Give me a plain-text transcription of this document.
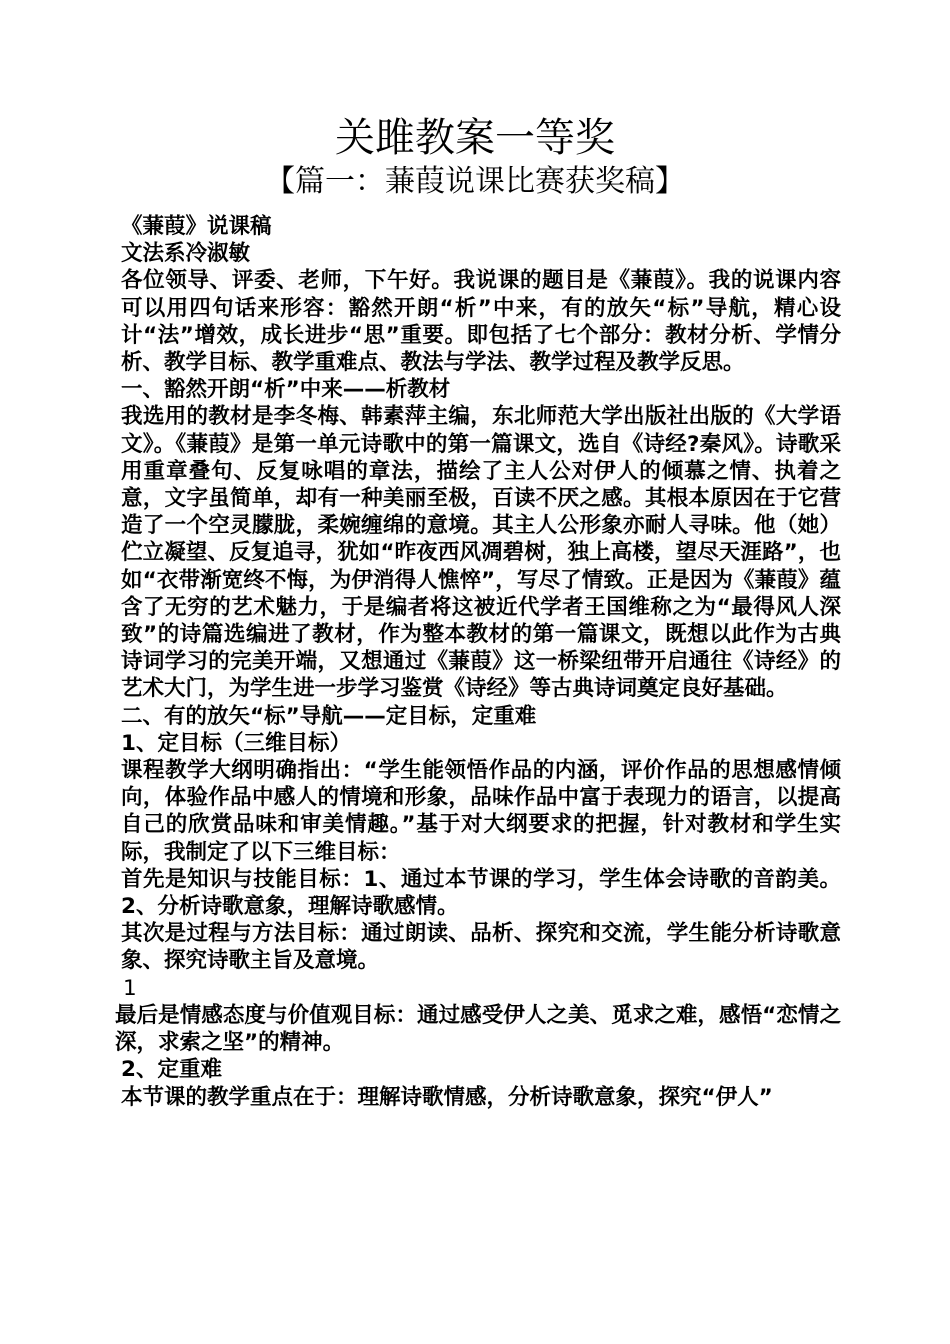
关雎教案一等奖
【篇一：蒹葭说课比赛获奖稿】

《蒹葭》说课稿

文法系冷淑敏

各位领导、评委、老师，下午好。我说课的题目是《蒹葭》。我的说课内容可以用四句话来形容：豁然开朗“析”中来，有的放矢“标”导航，精心设计“法”增效，成长进步“思”重要。即包括了七个部分：教材分析、学情分析、教学目标、教学重难点、教法与学法、教学过程及教学反思。

一、豁然开朗“析”中来——析教材

我选用的教材是李冬梅、韩素萍主编，东北师范大学出版社出版的《大学语文》。《蒹葭》是第一单元诗歌中的第一篇课文，选自《诗经?秦风》。诗歌采用重章叠句、反复咏唱的章法，描绘了主人公对伊人的倾慕之情、执着之意，文字虽简单，却有一种美丽至极，百读不厌之感。其根本原因在于它营造了一个空灵朦胧，柔婉缠绵的意境。其主人公形象亦耐人寻味。他（她）伫立凝望、反复追寻，犹如“昨夜西风凋碧树，独上高楼，望尽天涯路”，也如“衣带渐宽终不悔，为伊消得人憔悴”，写尽了情致。正是因为《蒹葭》蕴含了无穷的艺术魅力，于是编者将这被近代学者王国维称之为“最得风人深致”的诗篇选编进了教材，作为整本教材的第一篇课文，既想以此作为古典诗词学习的完美开端，又想通过《蒹葭》这一桥梁纽带开启通往《诗经》的艺术大门，为学生进一步学习鉴赏《诗经》等古典诗词奠定良好基础。

二、有的放矢“标”导航——定目标，定重难

1、定目标（三维目标）

课程教学大纲明确指出：“学生能领悟作品的内涵，评价作品的思想感情倾向，体验作品中感人的情境和形象，品味作品中富于表现力的语言，以提高自己的欣赏品味和审美情趣。”基于对大纲要求的把握，针对教材和学生实际，我制定了以下三维目标：

首先是知识与技能目标：1、通过本节课的学习，学生体会诗歌的音韵美。2、分析诗歌意象，理解诗歌感情。

其次是过程与方法目标：通过朗读、品析、探究和交流，学生能分析诗歌意象、探究诗歌主旨及意境。

1

最后是情感态度与价值观目标：通过感受伊人之美、觅求之难，感悟“恋情之深，求索之坚”的精神。

2、定重难

本节课的教学重点在于：理解诗歌情感，分析诗歌意象，探究“伊人”
